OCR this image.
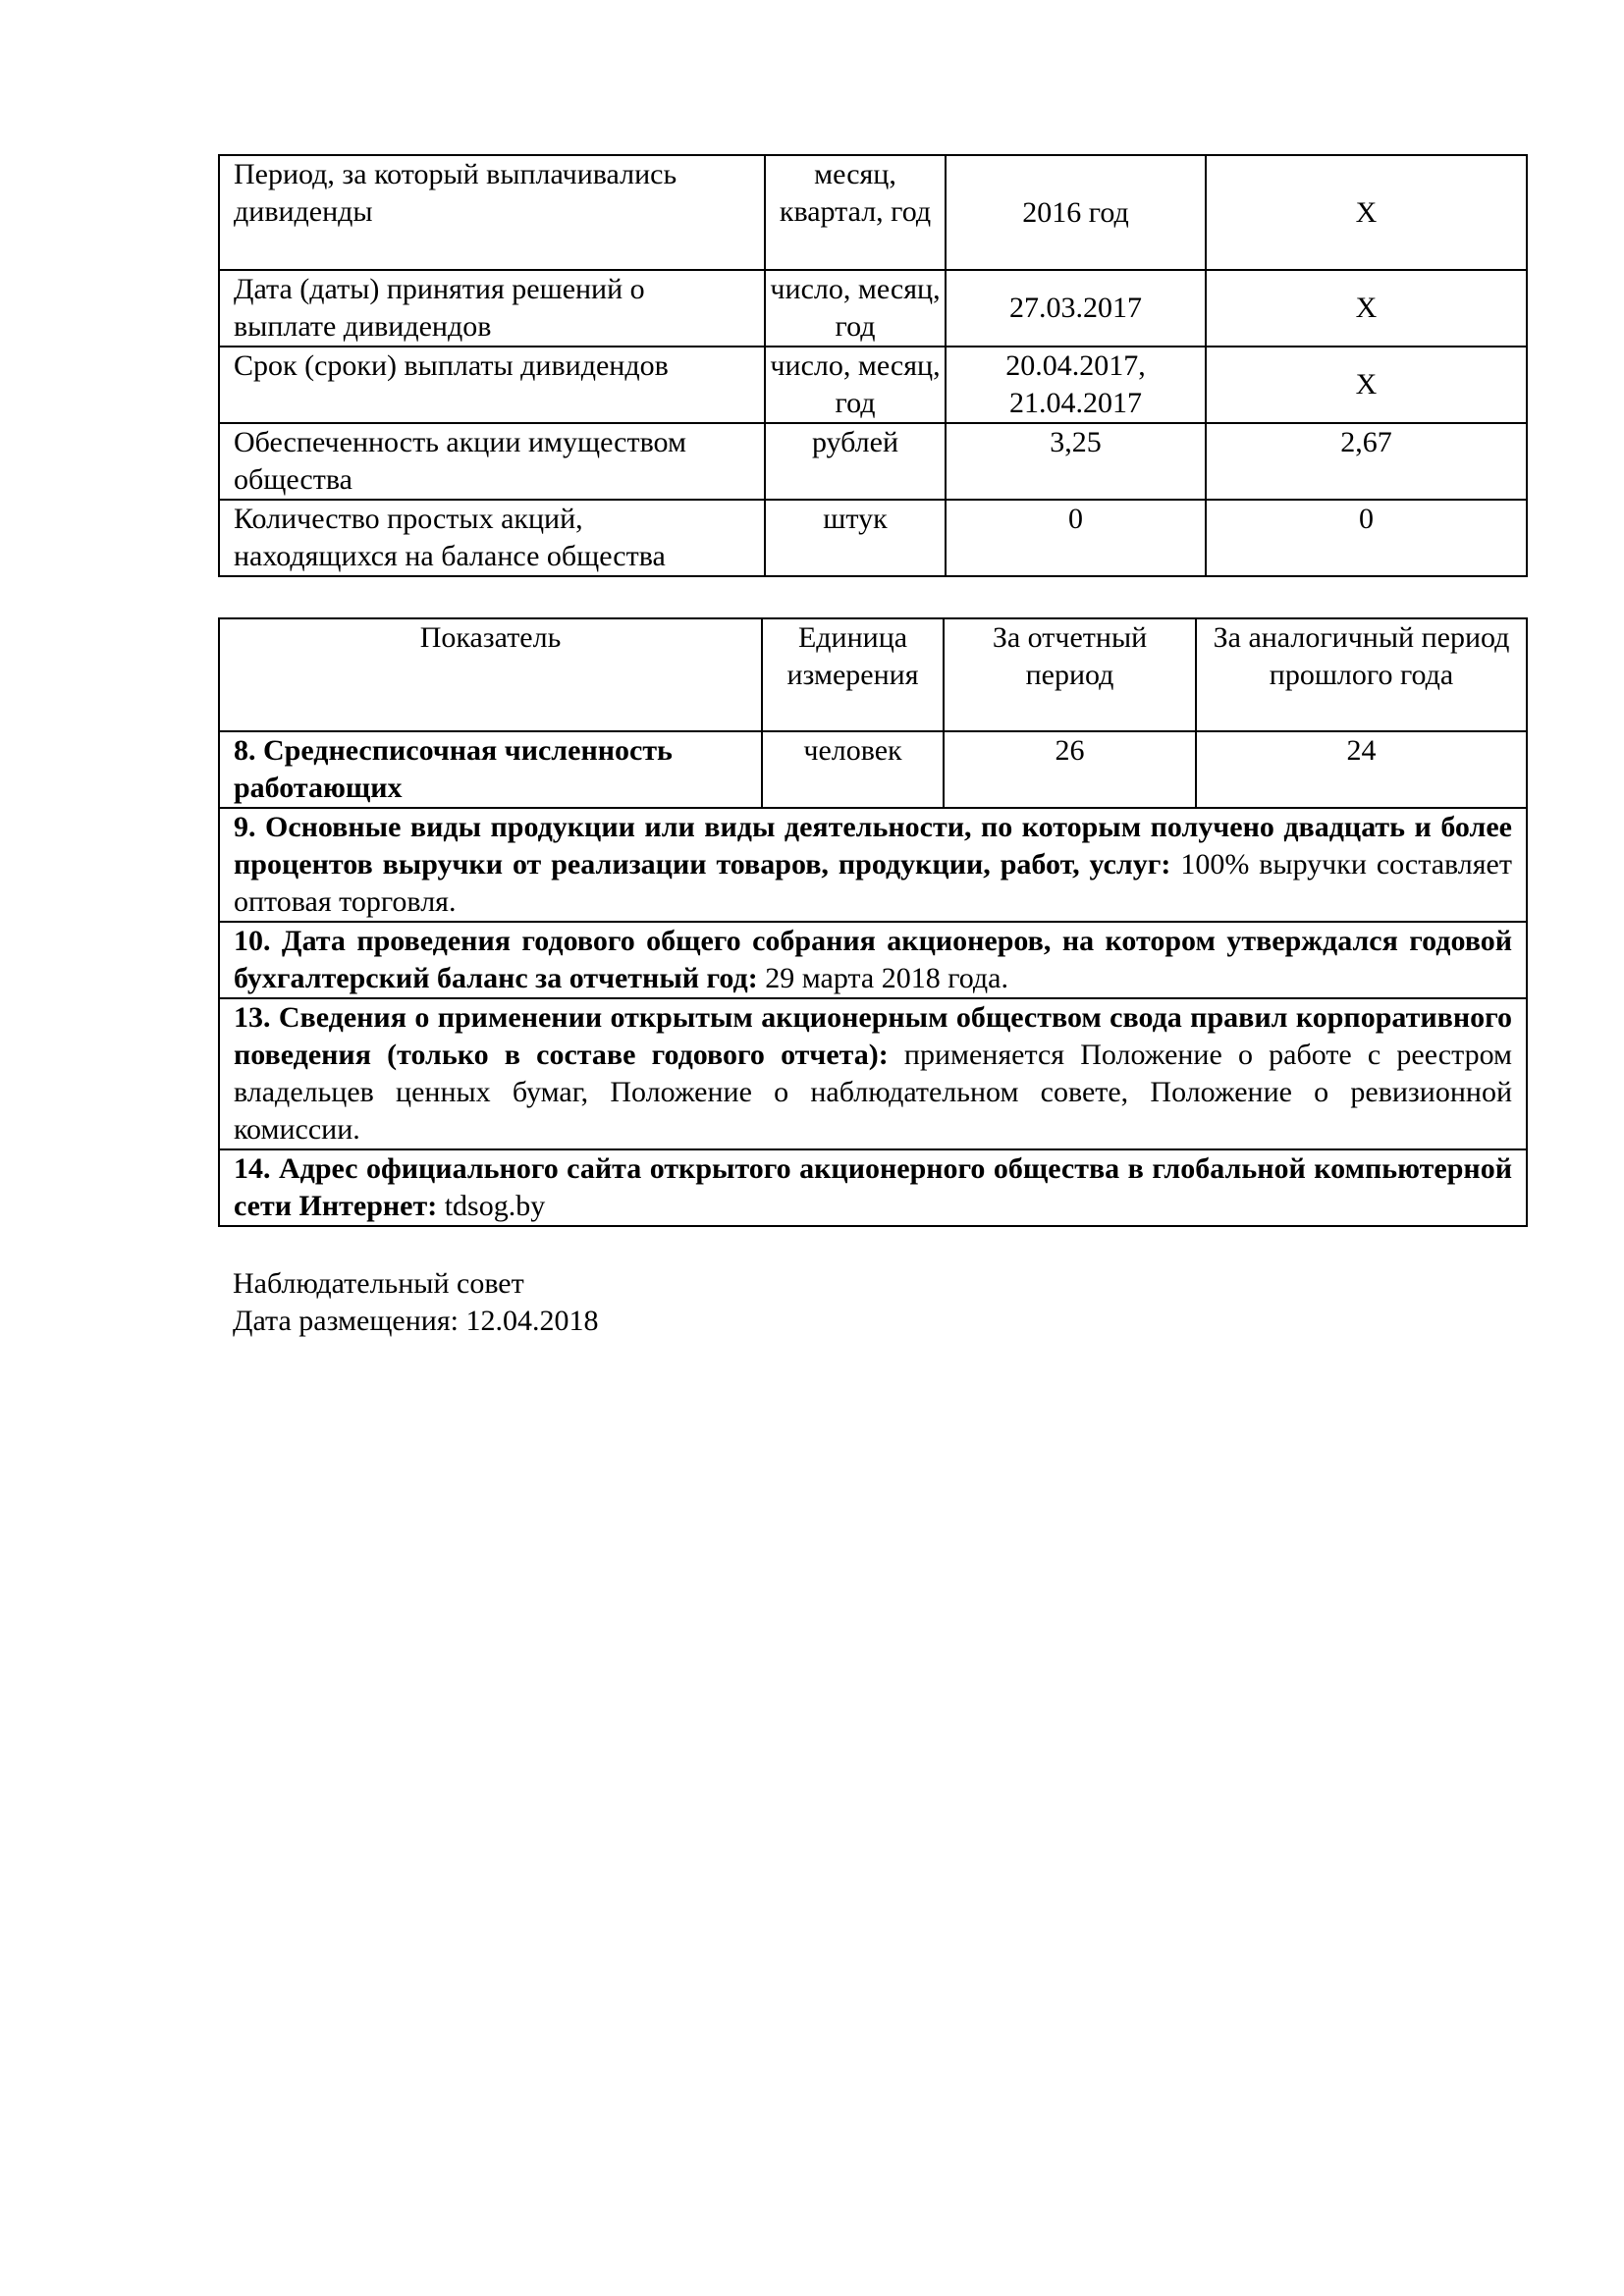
Период, за который выплачивались дивиденды	месяц, квартал, год	2016 год	Х
Дата (даты) принятия решений о выплате дивидендов	число, месяц, год	27.03.2017	Х
Срок (сроки) выплаты дивидендов	число, месяц, год	20.04.2017, 21.04.2017	Х
Обеспеченность акции имуществом общества	рублей	3,25	2,67
Количество простых акций, находящихся на балансе общества	штук	0	0
Показатель	Единица измерения	За отчетный период	За аналогичный период прошлого года
8. Среднесписочная численность работающих	человек	26	24
9. Основные виды продукции или виды деятельности, по которым получено двадцать и более процентов выручки от реализации товаров, продукции, работ, услуг: 100% выручки составляет оптовая торговля.			
10. Дата проведения годового общего собрания акционеров, на котором утверждался годовой бухгалтерский баланс за отчетный год: 29 марта 2018 года.			
13. Сведения о применении открытым акционерным обществом свода правил корпоративного поведения (только в составе годового отчета): применяется Положение о работе с реестром владельцев ценных бумаг, Положение о наблюдательном совете, Положение о ревизионной комиссии.			
14. Адрес официального сайта открытого акционерного общества в глобальной компьютерной сети Интернет: tdsog.by			
Наблюдательный совет
Дата размещения: 12.04.2018
